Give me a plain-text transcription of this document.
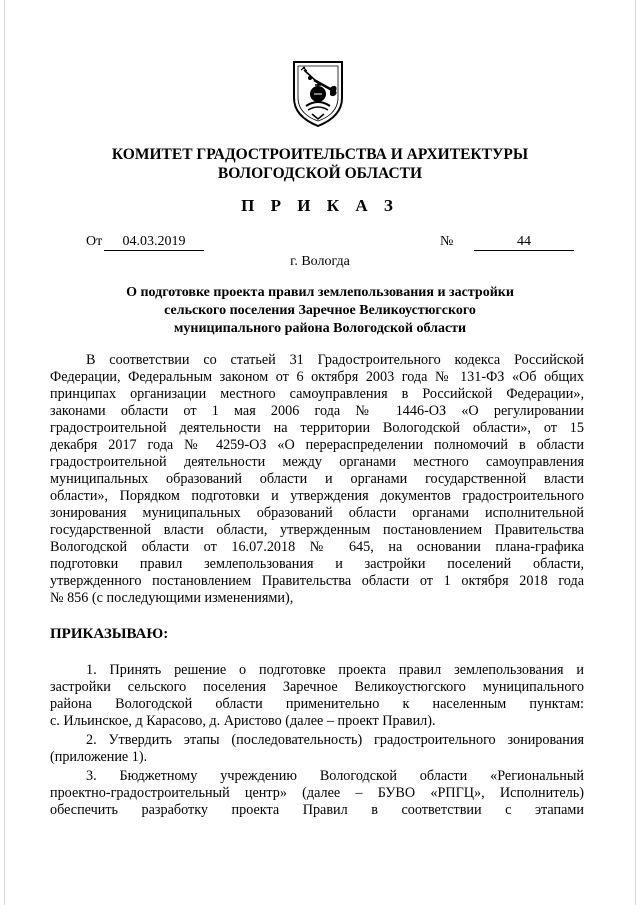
КОМИТЕТ ГРАДОСТРОИТЕЛЬСТВА И АРХИТЕКТУРЫ
ВОЛОГОДСКОЙ ОБЛАСТИ
П Р И К А З
От	04.03.2019	№	44
г. Вологда
О подготовке проекта правил землепользования и застройки
сельского поселения Заречное Великоустюгского
муниципального района Вологодской области
В соответствии со статьей 31 Градостроительного кодекса Российской
Федерации, Федеральным законом от 6 октября 2003 года № 131-ФЗ «Об общих
принципах организации местного самоуправления в Российской Федерации»,
законами области от 1 мая 2006 года № 1446-ОЗ «О регулировании
градостроительной деятельности на территории Вологодской области», от 15
декабря 2017 года № 4259-ОЗ «О перераспределении полномочий в области
градостроительной деятельности между органами местного самоуправления
муниципальных образований области и органами государственной власти
области», Порядком подготовки и утверждения документов градостроительного
зонирования муниципальных образований области органами исполнительной
государственной власти области, утвержденным постановлением Правительства
Вологодской области от 16.07.2018 № 645, на основании плана-графика
подготовки правил землепользования и застройки поселений области,
утвержденного постановлением Правительства области от 1 октября 2018 года
№ 856 (с последующими изменениями),
ПРИКАЗЫВАЮ:
1. Принять решение о подготовке проекта правил землепользования и
застройки сельского поселения Заречное Великоустюгского муниципального
района Вологодской области применительно к населенным пунктам:
с. Ильинское, д Карасово, д. Аристово (далее – проект Правил).
2. Утвердить этапы (последовательность) градостроительного зонирования
(приложение 1).
3. Бюджетному учреждению Вологодской области «Региональный
проектно-градостроительный центр» (далее – БУВО «РПГЦ», Исполнитель)
обеспечить разработку проекта Правил в соответствии с этапами
